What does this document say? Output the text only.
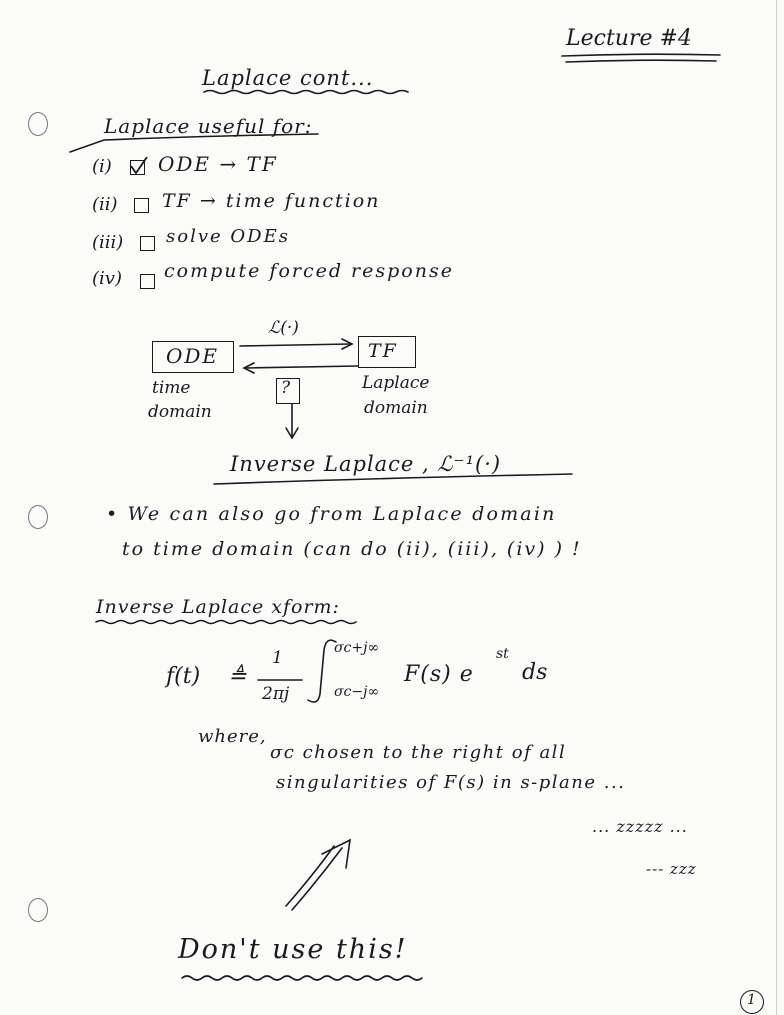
Lecture #4
Laplace cont...
Laplace useful for:
(i) ODE → TF
(ii) TF → time function
(iii) solve ODEs
(iv) compute forced response
ODE	TF
ℒ(·)
?
time
domain
Laplace
domain
Inverse Laplace , ℒ⁻¹(·)
• We can also go from Laplace domain
to time domain (can do (ii), (iii), (iv) ) !
Inverse Laplace xform:
f(t) ≜
1
2πj
σc+j∞
σc−j∞
F(s) e
st
ds
where,
σc chosen to the right of all
singularities of F(s) in s-plane ...
... zzzzz ...
--- zzz
Don't use this!
1
